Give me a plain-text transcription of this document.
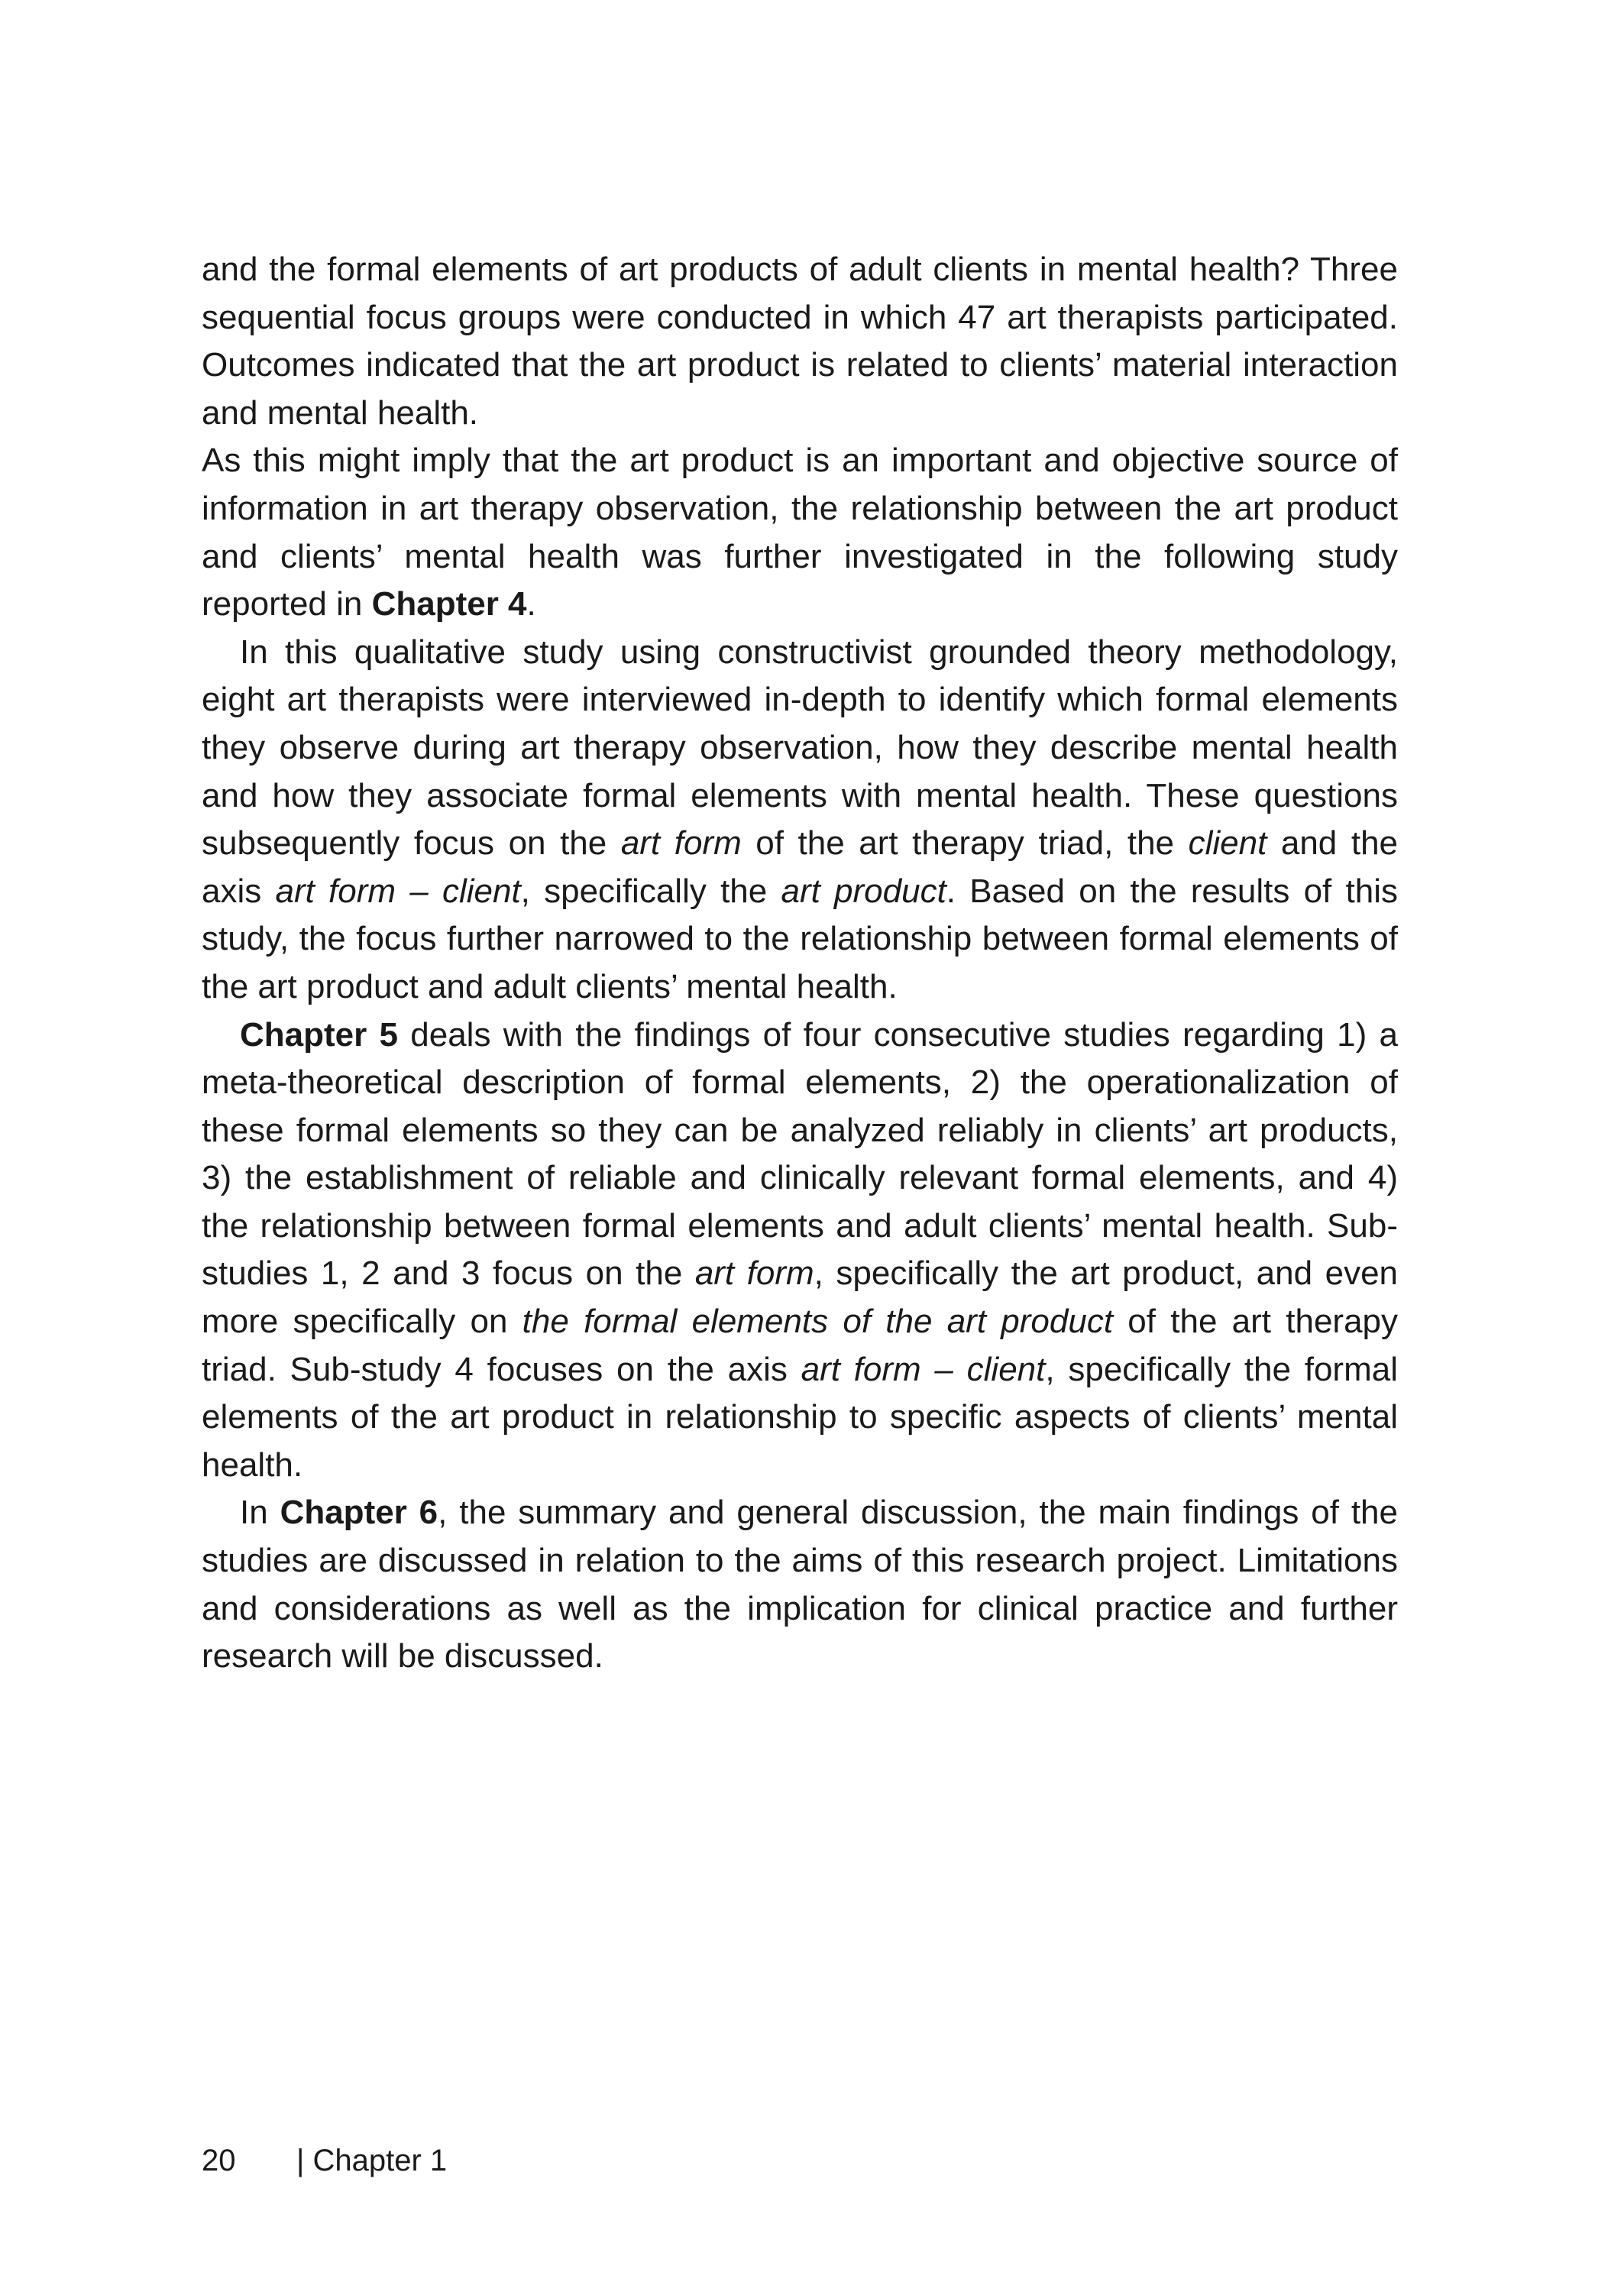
and the formal elements of art products of adult clients in mental health? Three sequential focus groups were conducted in which 47 art therapists participated. Outcomes indicated that the art product is related to clients’ material interaction and mental health.

As this might imply that the art product is an important and objective source of information in art therapy observation, the relationship between the art product and clients’ mental health was further investigated in the following study reported in Chapter 4.

In this qualitative study using constructivist grounded theory methodology, eight art therapists were interviewed in-depth to identify which formal elements they observe during art therapy observation, how they describe mental health and how they associate formal elements with mental health. These questions subsequently focus on the art form of the art therapy triad, the client and the axis art form – client, specifically the art product. Based on the results of this study, the focus further narrowed to the relationship between formal elements of the art product and adult clients’ mental health.

Chapter 5 deals with the findings of four consecutive studies regarding 1) a meta-theoretical description of formal elements, 2) the operationalization of these formal elements so they can be analyzed reliably in clients’ art products, 3) the establishment of reliable and clinically relevant formal elements, and 4) the relationship between formal elements and adult clients’ mental health. Sub-studies 1, 2 and 3 focus on the art form, specifically the art product, and even more specifically on the formal elements of the art product of the art therapy triad. Sub-study 4 focuses on the axis art form – client, specifically the formal elements of the art product in relationship to specific aspects of clients’ mental health.

In Chapter 6, the summary and general discussion, the main findings of the studies are discussed in relation to the aims of this research project. Limitations and considerations as well as the implication for clinical practice and further research will be discussed.

20 | Chapter 1
